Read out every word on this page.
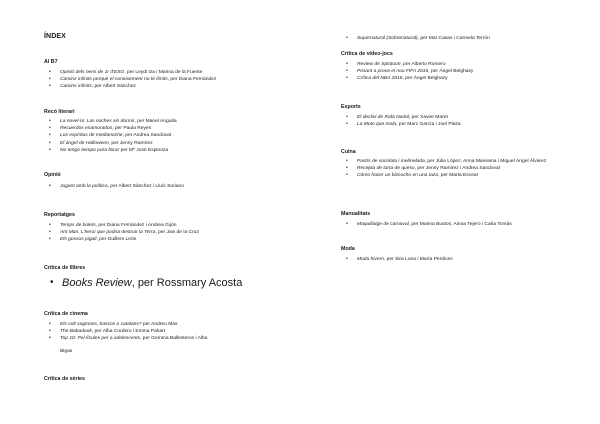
ÍNDEX
Al B7
• Opinió dels nens de 1r d'ESO, per Leydi Iza i Marina de la Fuente
• Caminz infinits perquè el coneixement no té límits, per Diana Fernàndez
• Camins infinits, per Albert Sánchez
Recó literari
• La novel·la: Las noches sin dormir, per Manel Anguita
• Recuerdos enamorados, per Paula Reyes
• Los espíritus de medianoche, per Andrea Sandoval
• El àngel de Halloween, per Jenny Ramírez
• No tengo tiempo para llorar per Mª José Espinoza
Opinió
• Jugant amb la política, per Albert Sànchez i Lluís Soriano
Reportatges
• Temps de bolets, per Diana Fernàndez i Andrea Gijón
• Ant Man. L'heroi que podria destruir la Terra, per Javi de la Cruz
• Els gossos pigall, per Guillem León
Crítica de llibres
• Books Review, per Rossmary Acosta
Crítica de cinema
• Els volt sogmons, bascos o catalans? per Andreu Mas
• The Babadook, per Alba Cordero i Emma Pahart
• Top 10: Pel·lícules per a adolescents, per Gemma Ballesteros i Alba
Bigas
Crítica de sèries
• Supernatural (Sobrenatural), per Mar Casas i Carmela Terrón
Crítica de vídeo-jocs
• Review de Splatoon, per Alberto Romero
• Posant a prova el nou FIFA 2016, per Àngel Belghazy
• Crítica del NBA 2016, per Àngel Belghazy
Esports
• El declivi de Rafa Nadal, per Xavier Maret
• La Moto que mola, per Marc García i Joel Plaza
Cuina
• Pastís de xocolata i melmelada, per Júlia López, Anna Mareama i Miguel Àngel Álvarez
• Recepta de tarta de queso, per Jenny Ramírez i Andrea Sandoval
• Cómo hacer un bizcocho en una taza, per Marta Escear
Manualitats
• Maquillatge de carnaval, per Marina Bustos, Ainoa Tejero i Carla Tomàs
Moda
• Moda hivern, per Sira Luna i María Perdices
